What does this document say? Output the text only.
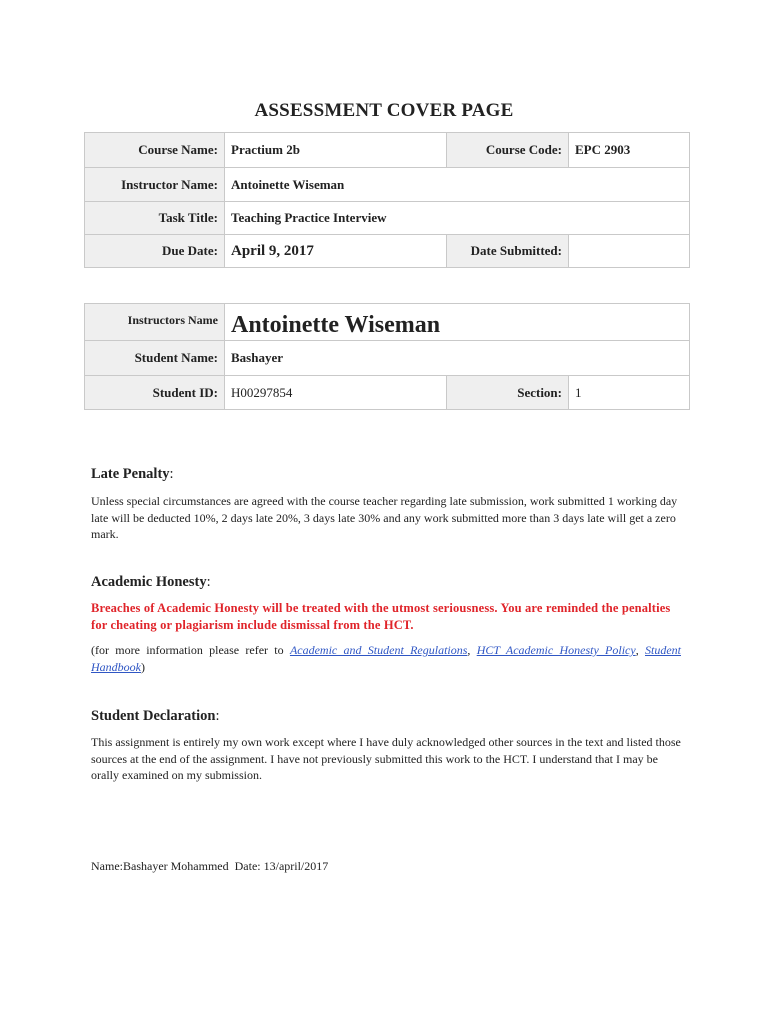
ASSESSMENT COVER PAGE
Course Name:	Practium 2b	Course Code:	EPC 2903
Instructor Name:	Antoinette Wiseman		
Task Title:	Teaching Practice Interview		
Due Date:	April 9, 2017	Date Submitted:	
Instructors Name	Antoinette Wiseman		
Student Name:	Bashayer		
Student ID:	H00297854	Section:	1
Late Penalty:
Unless special circumstances are agreed with the course teacher regarding late submission, work submitted 1 working day late will be deducted 10%, 2 days late 20%, 3 days late 30% and any work submitted more than 3 days late will get a zero mark.
Academic Honesty:
Breaches of Academic Honesty will be treated with the utmost seriousness. You are reminded the penalties for cheating or plagiarism include dismissal from the HCT.
(for more information please refer to Academic and Student Regulations, HCT Academic Honesty Policy, Student Handbook)
Student Declaration:
This assignment is entirely my own work except where I have duly acknowledged other sources in the text and listed those sources at the end of the assignment. I have not previously submitted this work to the HCT. I understand that I may be orally examined on my submission.
Name:Bashayer Mohammed  Date: 13/april/2017
